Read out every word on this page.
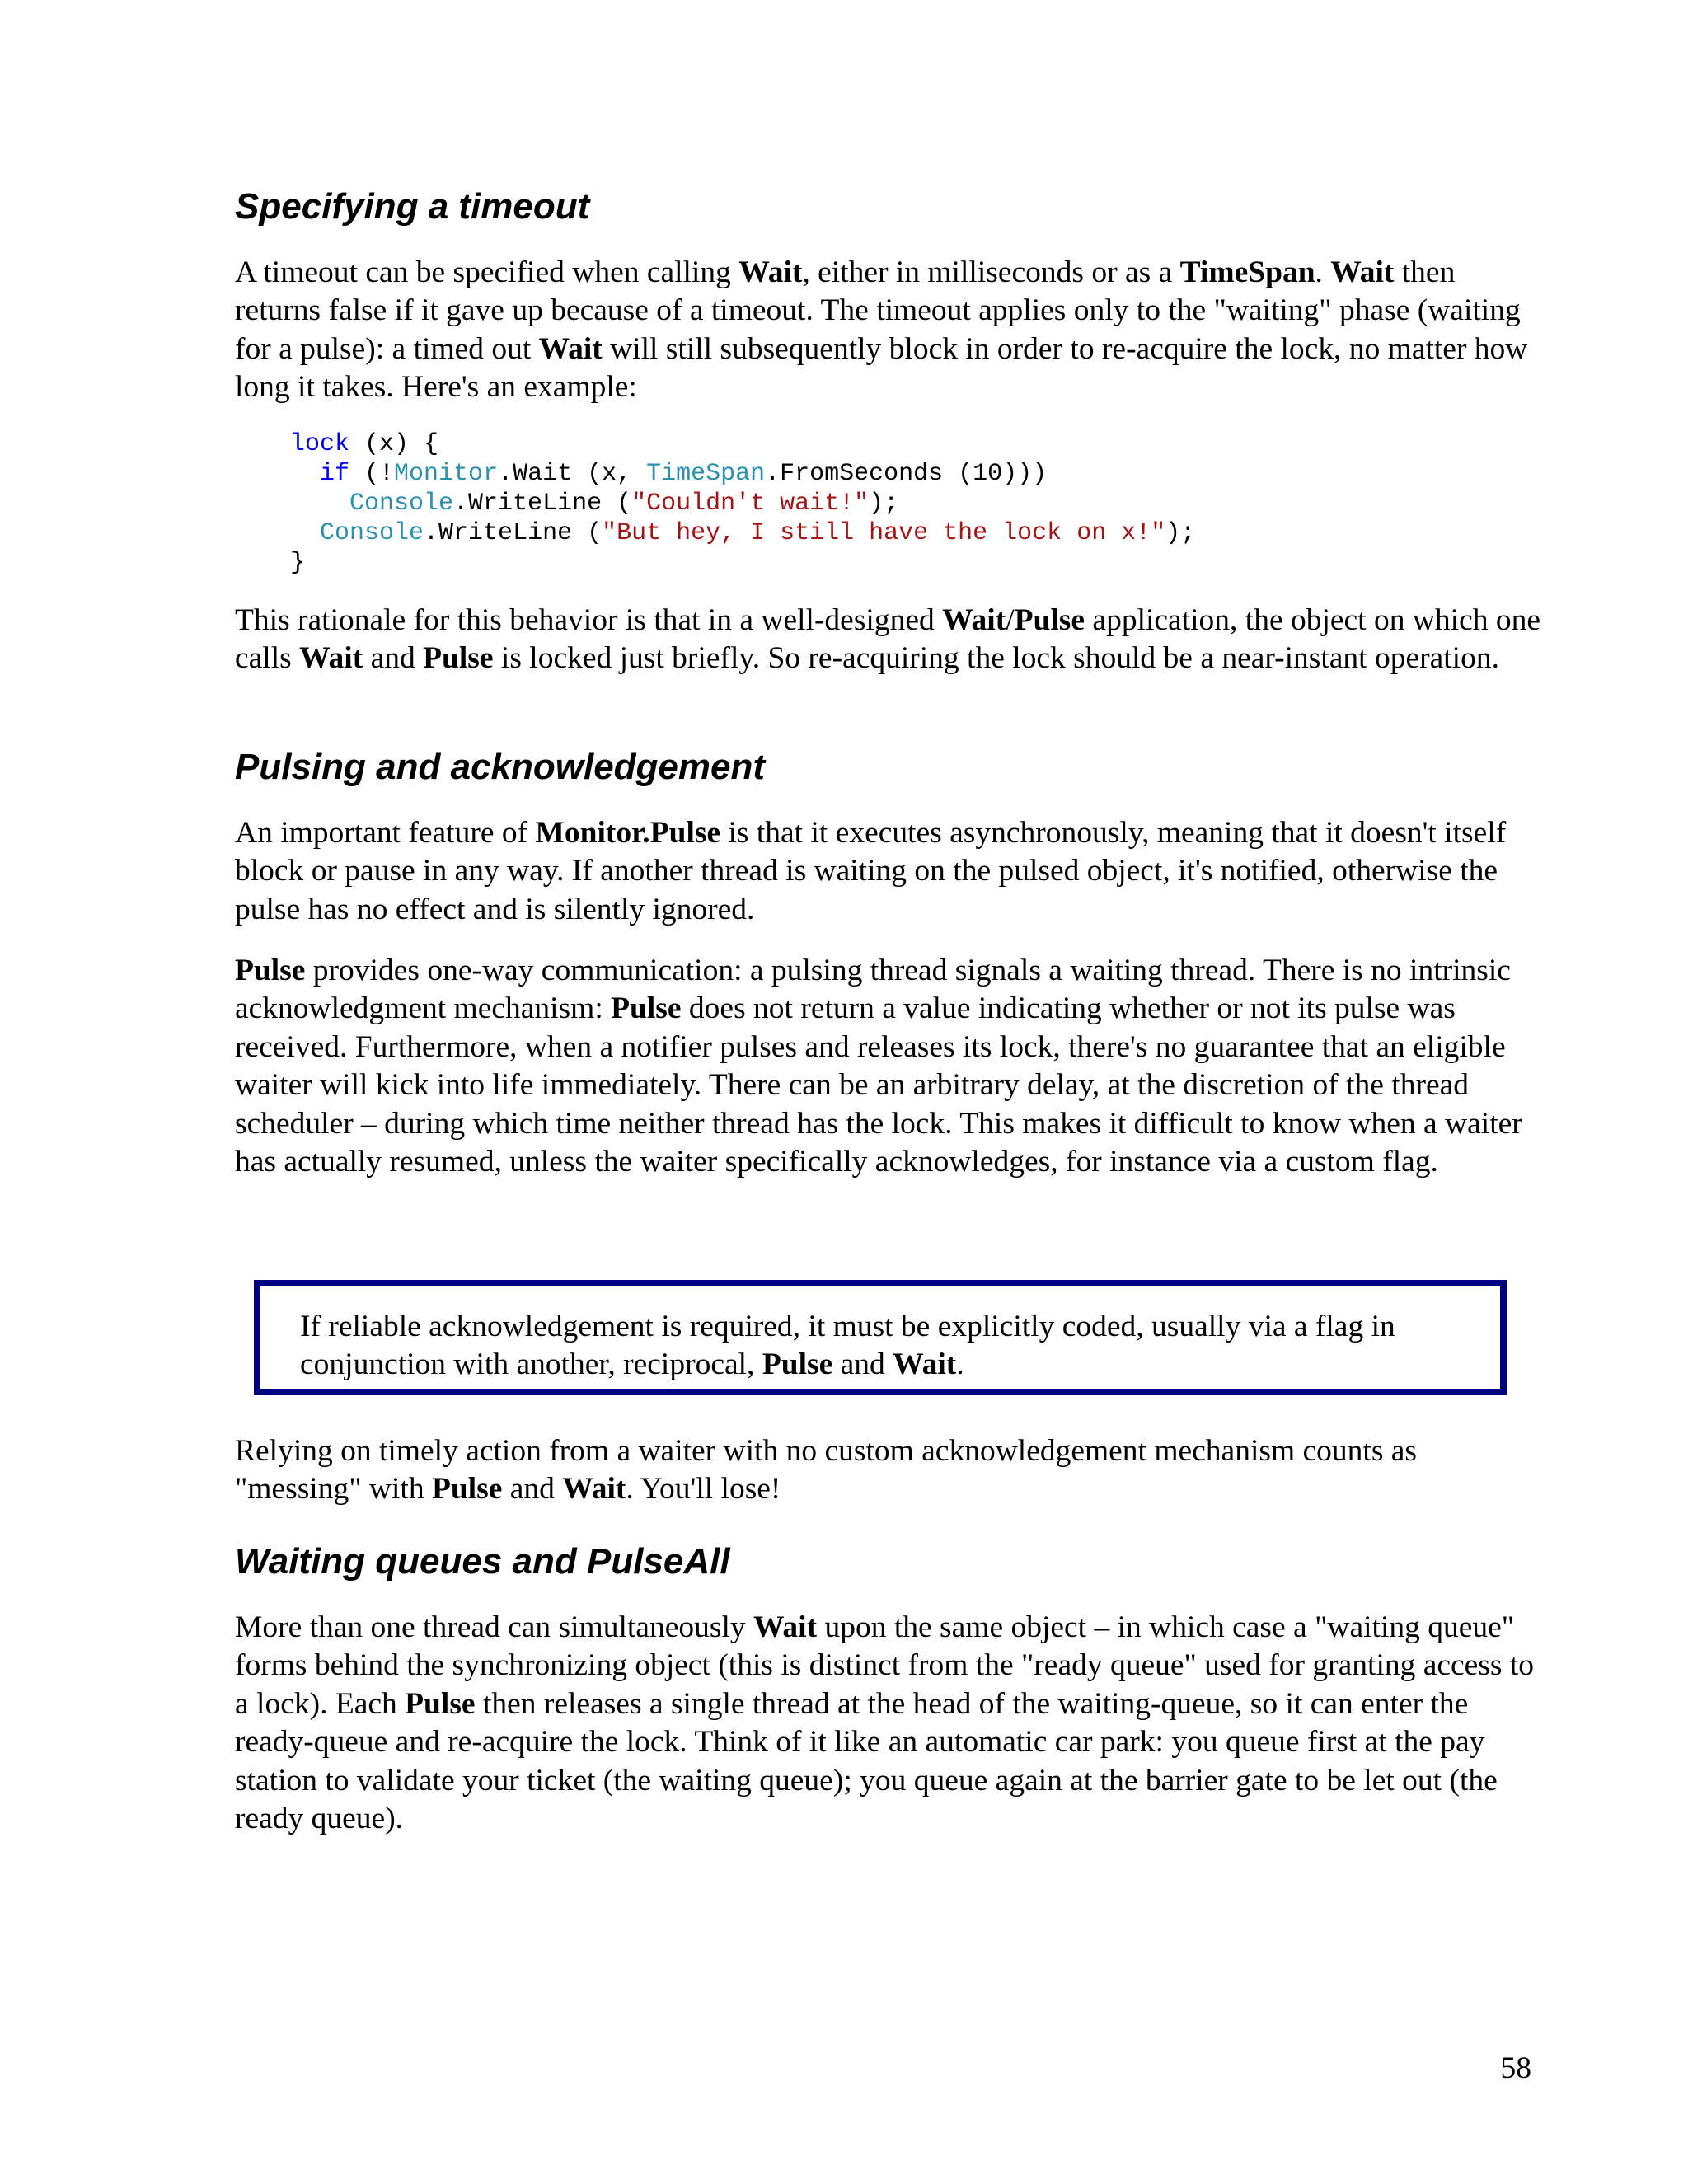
Specifying a timeout

A timeout can be specified when calling Wait, either in milliseconds or as a TimeSpan. Wait then returns false if it gave up because of a timeout. The timeout applies only to the "waiting" phase (waiting for a pulse): a timed out Wait will still subsequently block in order to re-acquire the lock, no matter how long it takes. Here's an example:

lock (x) {
if (!Monitor.Wait (x, TimeSpan.FromSeconds (10)))
Console.WriteLine ("Couldn't wait!");
Console.WriteLine ("But hey, I still have the lock on x!");
}

This rationale for this behavior is that in a well-designed Wait/Pulse application, the object on which one calls Wait and Pulse is locked just briefly. So re-acquiring the lock should be a near-instant operation.

Pulsing and acknowledgement

An important feature of Monitor.Pulse is that it executes asynchronously, meaning that it doesn't itself block or pause in any way. If another thread is waiting on the pulsed object, it's notified, otherwise the pulse has no effect and is silently ignored.

Pulse provides one-way communication: a pulsing thread signals a waiting thread. There is no intrinsic acknowledgment mechanism: Pulse does not return a value indicating whether or not its pulse was received. Furthermore, when a notifier pulses and releases its lock, there's no guarantee that an eligible waiter will kick into life immediately. There can be an arbitrary delay, at the discretion of the thread scheduler – during which time neither thread has the lock. This makes it difficult to know when a waiter has actually resumed, unless the waiter specifically acknowledges, for instance via a custom flag.

If reliable acknowledgement is required, it must be explicitly coded, usually via a flag in conjunction with another, reciprocal, Pulse and Wait.

Relying on timely action from a waiter with no custom acknowledgement mechanism counts as "messing" with Pulse and Wait. You'll lose!

Waiting queues and PulseAll

More than one thread can simultaneously Wait upon the same object – in which case a "waiting queue" forms behind the synchronizing object (this is distinct from the "ready queue" used for granting access to a lock). Each Pulse then releases a single thread at the head of the waiting-queue, so it can enter the ready-queue and re-acquire the lock. Think of it like an automatic car park: you queue first at the pay station to validate your ticket (the waiting queue); you queue again at the barrier gate to be let out (the ready queue).

58
